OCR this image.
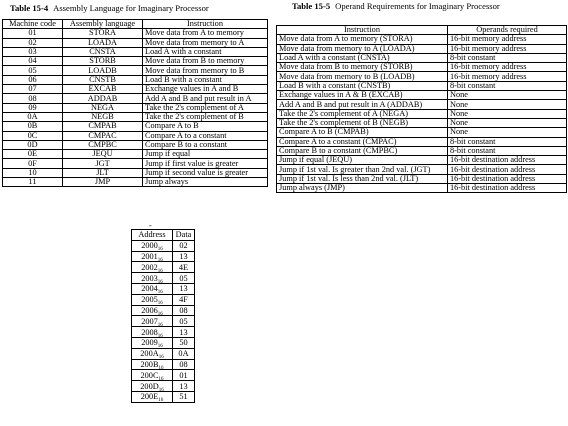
Table 15-4 Assembly Language for Imaginary Processor	Table 15-5 Operand Requirements for Imaginary Processor
Machine code	Assembly language	Instruction
01	STORA	Move data from A to memory
02	LOADA	Move data from memory to A
03	CNSTA	Load A with a constant
04	STORB	Move data from B to memory
05	LOADB	Move data from memory to B
06	CNSTB	Load B with a constant
07	EXCAB	Exchange values in A and B
08	ADDAB	Add A and B and put result in A
09	NEGA	Take the 2's complement of A
0A	NEGB	Take the 2's complement of B
0B	CMPAB	Compare A to B
0C	CMPAC	Compare A to a constant
0D	CMPBC	Compare B to a constant
0E	JEQU	Jump if equal
0F	JGT	Jump if first value is greater
10	JLT	Jump if second value is greater
11	JMP	Jump always
Instruction	Operands required
Move data from A to memory (STORA)	16-bit memory address
Move data from memory to A (LOADA)	16-bit memory address
Load A with a constant (CNSTA)	8-bit constant
Move data from B to memory (STORB)	16-bit memory address
Move data from memory to B (LOADB)	16-bit memory address
Load B with a constant (CNSTB)	8-bit constant
Exchange values in A & B (EXCAB)	None
Add A and B and put result in A (ADDAB)	None
Take the 2's complement of A (NEGA)	None
Take the 2's complement of B (NEGB)	None
Compare A to B (CMPAB)	None
Compare A to a constant (CMPAC)	8-bit constant
Compare B to a constant (CMPBC)	8-bit constant
Jump if equal (JEQU)	16-bit destination address
Jump if 1st val. Is greater than 2nd val. (JGT)	16-bit destination address
Jump if 1st val. Is less than 2nd val. (JLT)	16-bit destination address
Jump always (JMP)	16-bit destination address
-
Address	Data
$2000_{16}$	02
$2001_{16}$	13
$2002_{16}$	4E
$2003_{16}$	05
$2004_{16}$	13
$2005_{16}$	4F
$2006_{16}$	08
$2007_{16}$	05
$2008_{16}$	13
$2009_{16}$	50
$200A_{16}$	0A
$200B_{16}$	08
$200C_{16}$	01
$200D_{16}$	13
$200E_{16}$	51
